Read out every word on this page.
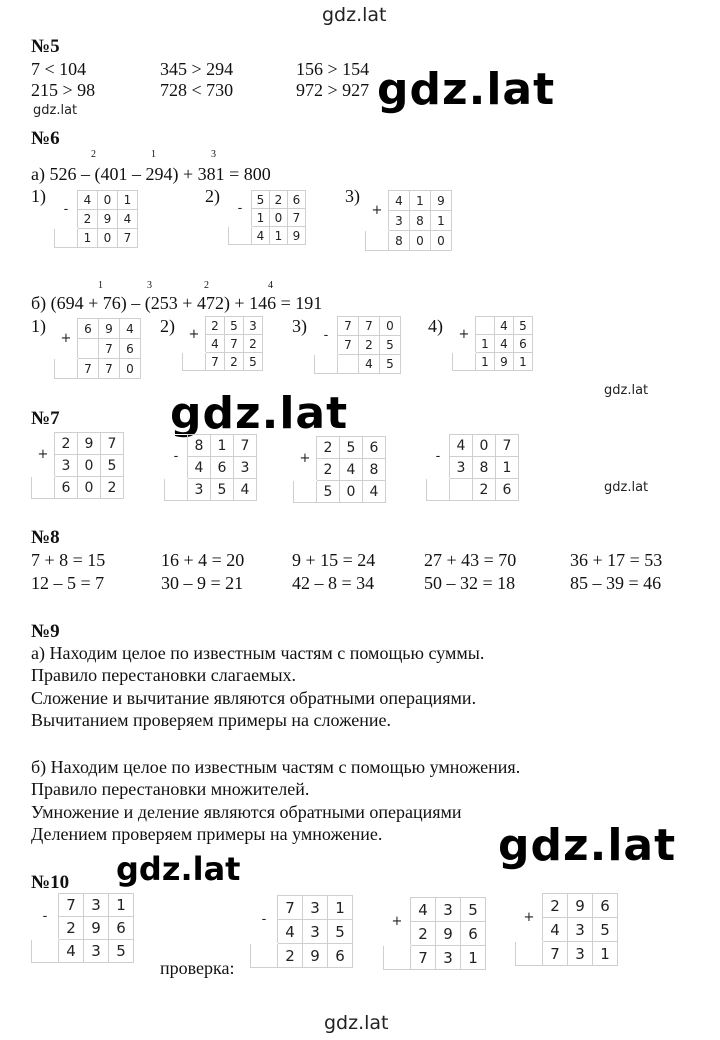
gdz.lat
gdz.lat
gdz.lat
gdz.lat	gdz.lat
gdz.lat
gdz.lat
gdz.lat
gdz.lat
№5
7 < 104	345 > 294	156 > 154
215 > 98	728 < 730	972 > 927
№6
2	1	3
а) 526 – (401 – 294) + 381 = 800
1)
-	4	0	1
	2	9	4
	1	0	7
2)
-	5	2	6
	1	0	7
	4	1	9
3)
+	4	1	9
	3	8	1
	8	0	0
1	3	2	4
б) (694 + 76) – (253 + 472) + 146 = 191
1)
+	6	9	4
		7	6
	7	7	0
2) +	2	5	3
	4	7	2
	7	2	5
3) -	7	7	0
	7	2	5
		4	5
4) +		4	5
	1	4	6
	1	9	1
№7
+	2	9	7
	3	0	5
	6	0	2
-	8	1	7
	4	6	3
	3	5	4
+	2	5	6
	2	4	8
	5	0	4
-	4	0	7
	3	8	1
		2	6
№8
7 + 8 = 15	16 + 4 = 20	9 + 15 = 24	27 + 43 = 70	36 + 17 = 53
12 – 5 = 7	30 – 9 = 21	42 – 8 = 34	50 – 32 = 18	85 – 39 = 46
№9
а) Находим целое по известным частям с помощью суммы.
Правило перестановки слагаемых.
Сложение и вычитание являются обратными операциями.
Вычитанием проверяем примеры на сложение.
б) Находим целое по известным частям с помощью умножения.
Правило перестановки множителей.
Умножение и деление являются обратными операциями
Делением проверяем примеры на умножение.
№10
-	7	3	1
	2	9	6
	4	3	5
проверка:
-	7	3	1
	4	3	5
	2	9	6
+	4	3	5
	2	9	6
	7	3	1
+	2	9	6
	4	3	5
	7	3	1
